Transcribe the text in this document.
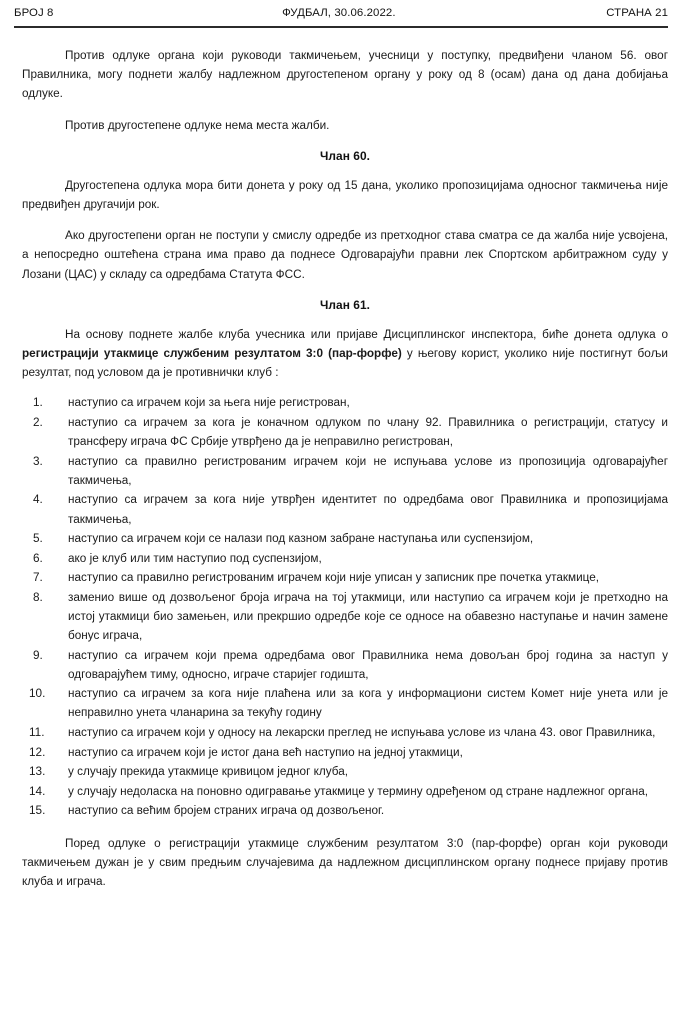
БРОЈ 8	ФУДБАЛ, 30.06.2022.	СТРАНА 21

Против одлуке органа који руководи такмичењем, учесници у поступку, предвиђени чланом 56. овог Правилника, могу поднети жалбу надлежном другостепеном органу у року од 8 (осам) дана од дана добијања одлуке.

Против другостепене одлуке нема места жалби.

Члан 60.

Другостепена одлука мора бити донета у року од 15 дана, уколико пропозицијама односног такмичења није предвиђен другачији рок.

Ако другостепени орган не поступи у смислу одредбе из претходног става сматра се да жалба није усвојена, а непосредно оштећена страна има право да поднесе Одговарајући правни лек Спортском арбитражном суду у Лозани (ЦАС) у складу са одредбама Статута ФСС.

Члан 61.

На основу поднете жалбе клуба учесника или пријаве Дисциплинског инспектора, биће донета одлука о регистрацији утакмице службеним резултатом 3:0 (пар-форфе) у његову корист, уколико није постигнут бољи резултат, под условом да је противнички клуб :

1.	наступио са играчем који за њега није регистрован,
2.	наступио са играчем за кога је коначном одлуком по члану 92. Правилника о регистрацији, статусу и трансферу играча ФС Србије утврђено да је неправилно регистрован,
3.	наступио са правилно регистрованим играчем који не испуњава услове из пропозиција одговарајућег такмичења,
4.	наступио са играчем за кога није утврђен идентитет по одредбама овог Правилника и пропозицијама такмичења,
5.	наступио са играчем који се налази под казном забране наступања или суспензијом,
6.	ако је клуб или тим наступио под суспензијом,
7.	наступио са правилно регистрованим играчем који није уписан у записник пре почетка утакмице,
8.	заменио више од дозвољеног броја играча на тој утакмици, или наступио са играчем који је претходно на истој утакмици био замењен, или прекршио одредбе које се односе на обавезно наступање и начин замене бонус играча,
9.	наступио са играчем који према одредбама овог Правилника нема довољан број година за наступ у одговарајућем тиму, односно, играче старијег годишта,
10.	наступио са играчем за кога није плаћена или за кога у информациони систем Комет није унета или је неправилно унета чланарина за текућу годину
11.	наступио са играчем који у односу на лекарски преглед не испуњава услове из члана 43. овог Правилника,
12.	наступио са играчем који је истог дана већ наступио на једној утакмици,
13.	у случају прекида утакмице кривицом једног клуба,
14.	у случају недоласка на поновно одигравање утакмице у термину одређеном од стране надлежног органа,
15.	наступио са већим бројем страних играча од дозвољеног.

Поред одлуке о регистрацији утакмице службеним резултатом 3:0 (пар-форфе) орган који руководи такмичењем дужан је у свим предњим случајевима да надлежном дисциплинском органу поднесе пријаву против клуба и играча.
